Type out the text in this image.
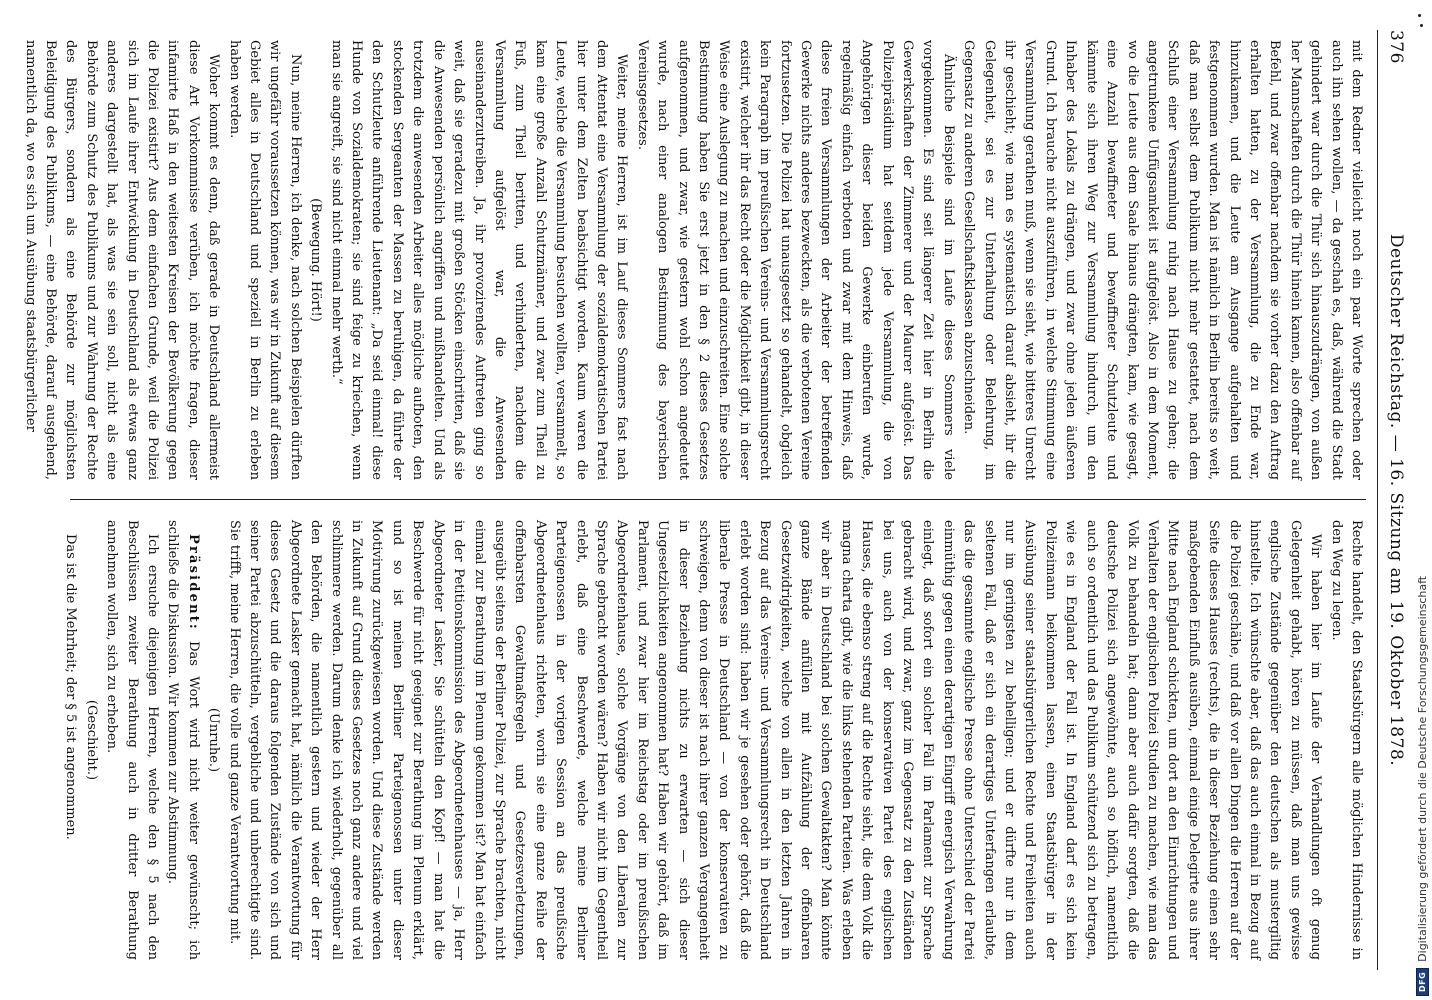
376
Deutscher Reichstag. — 16. Sitzung am 19. Oktober 1878.

mit dem Redner vielleicht noch ein paar Worte sprechen oder auch ihn sehen wollen, — da geschah es, daß, während die Stadt gehindert war durch die Thür sich hinauszudrängen, von außen her Mannschaften durch die Thür hinein kamen, also offenbar auf Befehl, und zwar offenbar nachdem sie vorher dazu den Auftrag erhalten hatten, zu der Versammlung, die zu Ende war, hinzukamen, und die Leute am Ausgange aufgehalten und festgenommen wurden. Man ist nämlich in Berlin bereits so weit, daß man selbst dem Publikum nicht mehr gestattet, nach dem Schluß einer Versammlung ruhig nach Hause zu gehen; die angetrunkene Unfügsamkeit ist aufgelöst. Also in dem Moment, wo die Leute aus dem Saale hinaus drängten, kam, wie gesagt, eine Anzahl bewaffneter und bewaffneter Schutzleute und kämmte sich ihren Weg zur Versammlung hindurch, um den Inhaber des Lokals zu drängen, und zwar ohne jeden äußeren Grund. Ich brauche nicht auszuführen, in welche Stimmung eine Versammlung gerathen muß, wenn sie sieht, wie bitteres Unrecht ihr geschieht; wie man es systematisch darauf absieht, ihr die Gelegenheit, sei es zur Unterhaltung oder Belehrung, im Gegensatz zu anderen Gesellschaftsklassen abzuschneiden.

Ähnliche Beispiele sind im Laufe dieses Sommers viele vorgekommen. Es sind seit längerer Zeit hier in Berlin die Gewerkschaften der Zimmerer und der Maurer aufgelöst. Das Polizeipräsidium hat seitdem jede Versammlung, die von Angehörigen dieser beiden Gewerke einberufen wurde, regelmäßig einfach verboten und zwar mit dem Hinweis, daß diese freien Versammlungen der Arbeiter der betreffenden Gewerke nichts anderes bezweckten, als die verbotenen Vereine fortzusetzen. Die Polizei hat unausgesetzt so gehandelt, obgleich kein Paragraph im preußischen Vereins- und Versammlungsrecht existirt, welcher ihr das Recht oder die Möglichkeit gibt, in dieser Weise eine Auslegung zu machen und einzuschreiten. Eine solche Bestimmung haben Sie erst jetzt in den § 2 dieses Gesetzes aufgenommen, und zwar, wie gestern wohl schon angedeutet wurde, nach einer analogen Bestimmung des bayerischen Vereinsgesetzes.

Weiter, meine Herren, ist im Lauf dieses Sommers fast nach dem Attentat eine Versammlung der sozialdemokratischen Partei hier unter dem Zelten beabsichtigt worden. Kaum waren die Leute, welche die Versammlung besuchen wollten, versammelt, so kam eine große Anzahl Schutzmänner, und zwar zum Theil zu Fuß, zum Theil beritten, und verhinderten, nachdem die Versammlung aufgelöst war, die Anwesenden auseinanderzutreiben. Ja, ihr provozirendes Auftreten ging so weit, daß sie geradezu mit großen Stöcken einschritten, daß sie die Anwesenden persönlich angriffen und mißhandelten. Und als trotzdem die anwesenden Arbeiter alles mögliche aufboten, den stockenden Sergeanten der Massen zu beruhigen, da führte der den Schutzleute anführende Lieutenant: „Da seid einmal! diese Hunde von Sozialdemokraten; sie sind feige zu kriechen, wenn man sie angreift, sie sind nicht einmal mehr werth.“

(Bewegung. Hört!)

Nun, meine Herren, ich denke, nach solchen Beispielen dürften wir ungefähr voraussetzen können, was wir in Zukunft auf diesem Gebiet alles in Deutschland und speziell in Berlin zu erleben haben werden.

Woher kommt es denn, daß gerade in Deutschland allermeist diese Art Vorkommnisse verüben, ich möchte fragen, dieser infamirte Haß in den weitesten Kreisen der Bevölkerung gegen die Polizei existirt? Aus dem einfachen Grunde, weil die Polizei sich im Laufe ihrer Entwicklung in Deutschland als etwas ganz anderes dargestellt hat, als was sie sein soll, nicht als eine Behörde zum Schutz des Publikums und zur Wahrung der Rechte des Bürgers, sondern als eine Behörde zur möglichsten Beleidigung des Publikums, — eine Behörde, darauf ausgehend, namentlich da, wo es sich um Ausübung staatsbürgerlicher

Rechte handelt, den Staatsbürgern alle möglichen Hindernisse in den Weg zu legen.

Wir haben hier im Laufe der Verhandlungen oft genug Gelegenheit gehabt, hören zu müssen, daß man uns gewisse englische Zustände gegenüber den deutschen als mustergiltig hinstellte. Ich wünschte aber, daß das auch einmal in Bezug auf die Polizei geschähe, und daß vor allen Dingen die Herren auf der Seite dieses Hauses (rechts), die in dieser Beziehung einen sehr maßgebenden Einfluß ausüben, einmal einige Delegirte aus ihrer Mitte nach England schickten, um dort an den Einrichtungen und Verhalten der englischen Polizei Studien zu machen, wie man das Volk zu behandeln hat; dann aber auch dafür sorgten, daß die deutsche Polizei sich angewöhnte, auch so höflich, namentlich auch so ordentlich und das Publikum schützend sich zu betragen, wie es in England der Fall ist. In England darf es sich kein Polizeimann beikommen lassen, einen Staatsbürger in der Ausübung seiner staatsbürgerlichen Rechte und Freiheiten auch nur im geringsten zu behelligen; und er dürfte nur in dem seltenen Fall, daß er sich ein derartiges Unterfangen erlaubte, das die gesammte englische Presse ohne Unterschied der Partei einmüthig gegen einen derartigen Eingriff energisch Verwahrung einlegt, daß sofort ein solcher Fall im Parlament zur Sprache gebracht wird, und zwar, ganz im Gegensatz zu den Zuständen bei uns, auch von der konservativen Partei des englischen Hauses, die ebenso streng auf die Rechte sieht, die dem Volk die magna charta gibt, wie die links stehenden Parteien. Was erleben wir aber in Deutschland bei solchen Gewaltakten? Man könnte ganze Bände anfüllen mit Aufzählung der offenbaren Gesetzwidrigkeiten, welche von allen in den letzten Jahren in Bezug auf das Vereins- und Versammlungsrecht in Deutschland erlebt worden sind: haben wir je gesehen oder gehört, daß die liberale Presse in Deutschland — von der konservativen zu schweigen, denn von dieser ist nach ihrer ganzen Vergangenheit in dieser Beziehung nichts zu erwarten — sich dieser Ungesetzlichkeiten angenommen hat? Haben wir gehört, daß im Parlament, und zwar hier im Reichstag oder im preußischen Abgeordnetenhause, solche Vorgänge von den Liberalen zur Sprache gebracht worden wären? Haben wir nicht im Gegentheil erlebt, daß eine Beschwerde, welche meine Berliner Parteigenossen in der vorigen Session an das preußische Abgeordnetenhaus richteten, worin sie eine ganze Reihe der offenbarsten Gewaltmaßregeln und Gesetzesverletzungen, ausgeübt seitens der Berliner Polizei, zur Sprache brachten, nicht einmal zur Berathung im Plenum gekommen ist? Man hat einfach in der Petitionskommission des Abgeordnetenhauses — ja, Herr Abgeordneter Lasker, Sie schütteln den Kopf! — man hat die Beschwerde für nicht geeignet zur Berathung im Plenum erklärt, und so ist meinen Berliner Parteigenossen unter dieser Motivirung zurückgewiesen worden. Und diese Zustände werden in Zukunft auf Grund dieses Gesetzes noch ganz andere und viel schlimmere werden. Darum denke ich wiederholt, gegenüber all den Behörden, die namentlich gestern und wieder der Herr Abgeordnete Lasker gemacht hat, nämlich die Verantwortung für dieses Gesetz und die daraus folgenden Zustände von sich und seiner Partei abzuschütteln, vergebliche und unberechtigte sind. Sie trifft, meine Herren, die volle und ganze Verantwortung mit.

(Unruhe.)

Präsident: Das Wort wird nicht weiter gewünscht; ich schließe die Diskussion. Wir kommen zur Abstimmung.

Ich ersuche diejenigen Herren, welche den § 5 nach den Beschlüssen zweiter Berathung auch in dritter Berathung annehmen wollen, sich zu erheben.

(Geschieht.)

Das ist die Mehrheit; der § 5 ist angenommen.

DFG
Digitalisierung gefördert durch die Deutsche Forschungsgemeinschaft
